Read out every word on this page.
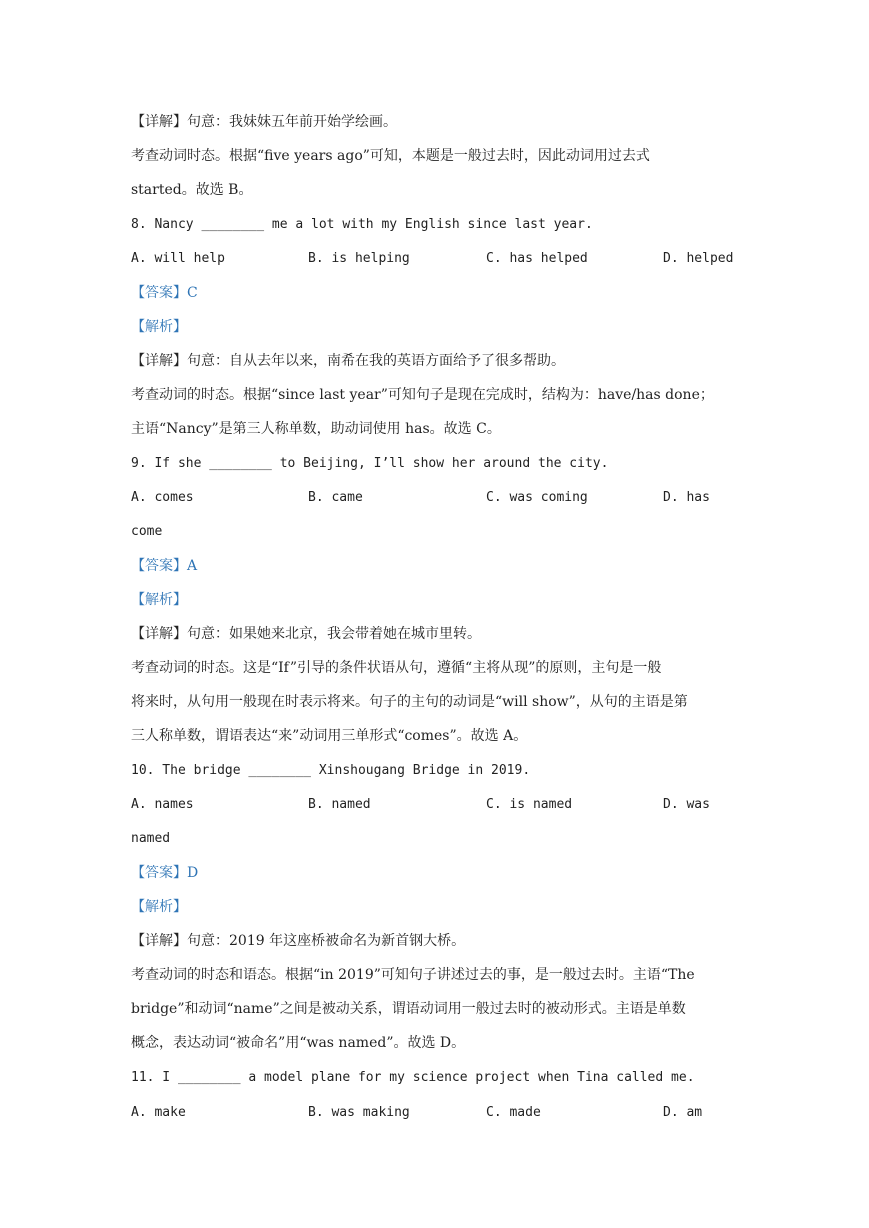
【详解】句意：我妹妹五年前开始学绘画。
考查动词时态。根据“five years ago”可知，本题是一般过去时，因此动词用过去式
started。故选 B。
8. Nancy ________ me a lot with my English since last year.
A. will help	B. is helping	C. has helped	D. helped
【答案】C
【解析】
【详解】句意：自从去年以来，南希在我的英语方面给予了很多帮助。
考查动词的时态。根据“since last year”可知句子是现在完成时，结构为：have/has done；
主语“Nancy”是第三人称单数，助动词使用 has。故选 C。
9. If she ________ to Beijing, I’ll show her around the city.
A. comes	B. came	C. was coming	D. has
come
【答案】A
【解析】
【详解】句意：如果她来北京，我会带着她在城市里转。
考查动词的时态。这是“If”引导的条件状语从句，遵循“主将从现”的原则，主句是一般
将来时，从句用一般现在时表示将来。句子的主句的动词是“will show”，从句的主语是第
三人称单数，谓语表达“来”动词用三单形式“comes”。故选 A。
10. The bridge ________ Xinshougang Bridge in 2019.
A. names	B. named	C. is named	D. was
named
【答案】D
【解析】
【详解】句意：2019 年这座桥被命名为新首钢大桥。
考查动词的时态和语态。根据“in 2019”可知句子讲述过去的事，是一般过去时。主语“The
bridge”和动词“name”之间是被动关系，谓语动词用一般过去时的被动形式。主语是单数
概念，表达动词“被命名”用“was named”。故选 D。
11. I ________ a model plane for my science project when Tina called me.
A. make	B. was making	C. made	D. am
